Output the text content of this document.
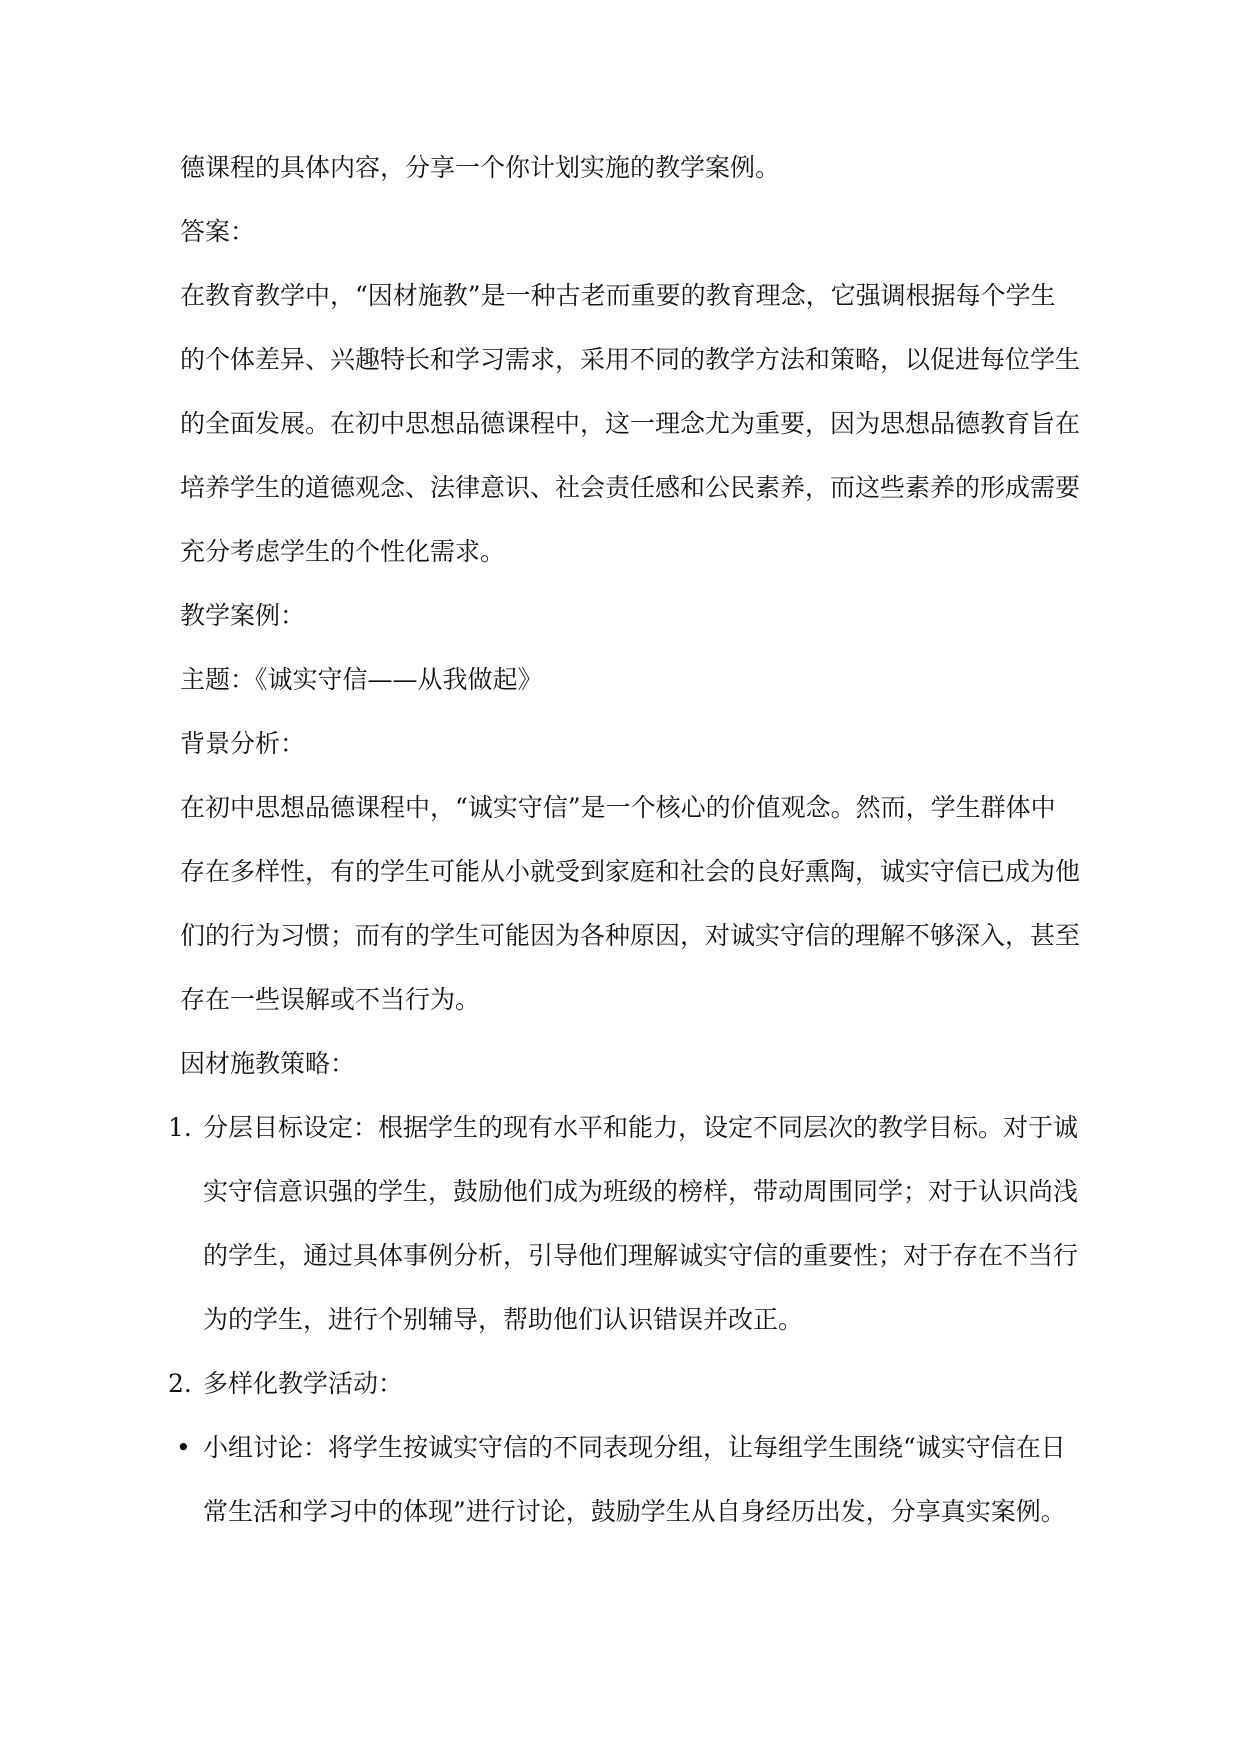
德课程的具体内容，分享一个你计划实施的教学案例。
答案：
在教育教学中，“因材施教”是一种古老而重要的教育理念，它强调根据每个学生
的个体差异、兴趣特长和学习需求，采用不同的教学方法和策略，以促进每位学生
的全面发展。在初中思想品德课程中，这一理念尤为重要，因为思想品德教育旨在
培养学生的道德观念、法律意识、社会责任感和公民素养，而这些素养的形成需要
充分考虑学生的个性化需求。
教学案例：
主题：《诚实守信——从我做起》
背景分析：
在初中思想品德课程中，“诚实守信”是一个核心的价值观念。然而，学生群体中
存在多样性，有的学生可能从小就受到家庭和社会的良好熏陶，诚实守信已成为他
们的行为习惯；而有的学生可能因为各种原因，对诚实守信的理解不够深入，甚至
存在一些误解或不当行为。
因材施教策略：
1. 分层目标设定：根据学生的现有水平和能力，设定不同层次的教学目标。对于诚
实守信意识强的学生，鼓励他们成为班级的榜样，带动周围同学；对于认识尚浅
的学生，通过具体事例分析，引导他们理解诚实守信的重要性；对于存在不当行
为的学生，进行个别辅导，帮助他们认识错误并改正。
2. 多样化教学活动：
• 小组讨论：将学生按诚实守信的不同表现分组，让每组学生围绕“诚实守信在日
常生活和学习中的体现”进行讨论，鼓励学生从自身经历出发，分享真实案例。
